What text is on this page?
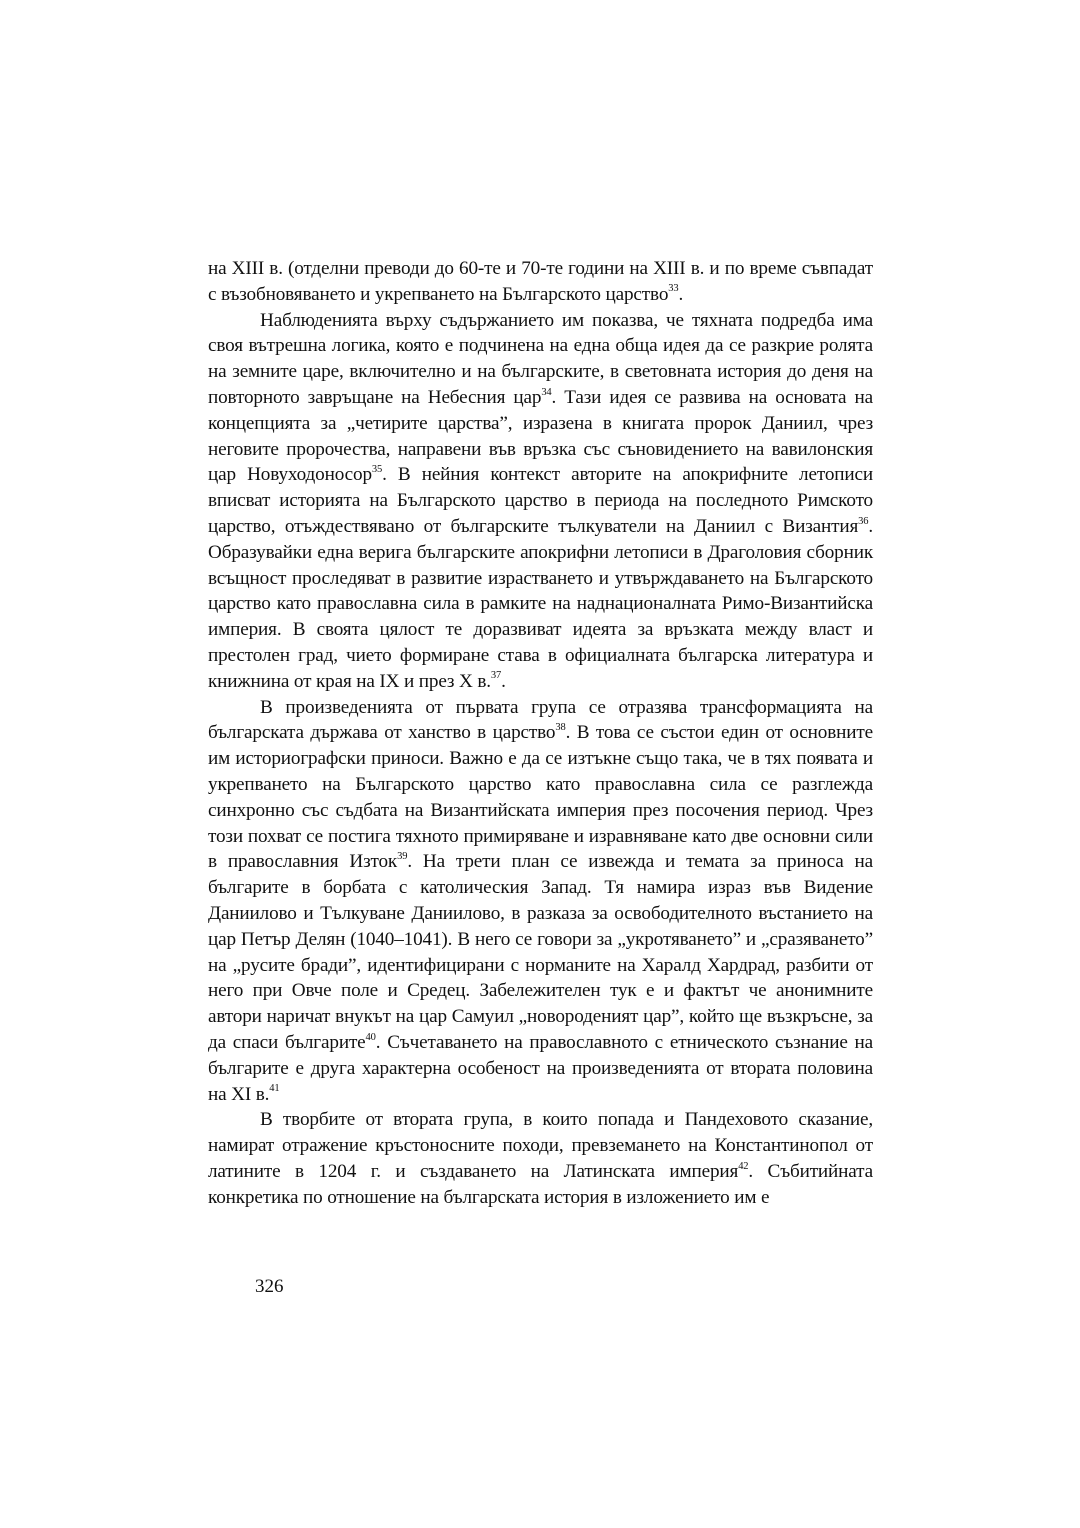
на XIII в. (отделни преводи до 60-те и 70-те години на XIII в. и по време съвпадат с възобновяването и укрепването на Българското царство$^{33}$.

Наблюденията върху съдържанието им показва, че тяхната подредба има своя вътрешна логика, която е подчинена на една обща идея да се разкрие ролята на земните царе, включително и на българските, в световната история до деня на повторното завръщане на Небесния цар$^{34}$. Тази идея се развива на основата на концепцията за „четирите царства”, изразена в книгата пророк Даниил, чрез неговите пророчества, направени във връзка със съновидението на вавилонския цар Новуходоносор$^{35}$. В нейния контекст авторите на апокрифните летописи вписват историята на Българското царство в периода на последното Римското царство, отъждествявано от българските тълкуватели на Даниил с Византия$^{36}$. Образувайки една верига българските апокрифни летописи в Драголовия сборник всъщност проследяват в развитие израстването и утвърждаването на Българското царство като православна сила в рамките на наднационалната Римо-Византийска империя. В своята цялост те доразвиват идеята за връзката между власт и престолен град, чието формиране става в официалната българска литература и книжнина от края на IX и през X в.$^{37}$.

В произведенията от първата група се отразява трансформацията на българската държава от ханство в царство$^{38}$. В това се състои един от основните им историографски приноси. Важно е да се изтъкне също така, че в тях появата и укрепването на Българското царство като православна сила се разглежда синхронно със съдбата на Византийската империя през посочения период. Чрез този похват се постига тяхното примиряване и изравняване като две основни сили в православния Изток$^{39}$. На трети план се извежда и темата за приноса на българите в борбата с католическия Запад. Тя намира израз във Видение Даниилово и Тълкуване Даниилово, в разказа за освободителното въстанието на цар Петър Делян (1040–1041). В него се говори за „укротяването” и „сразяването” на „русите бради”, идентифицирани с норманите на Харалд Хардрад, разбити от него при Овче поле и Средец. Забележителен тук е и фактът че анонимните автори наричат внукът на цар Самуил „новороденият цар”, който ще възкръсне, за да спаси българите$^{40}$. Съчетаването на православното с етническото съзнание на българите е друга характерна особеност на произведенията от втората половина на XI в.$^{41}$

В творбите от втората група, в които попада и Пандеховото сказание, намират отражение кръстоносните походи, превземането на Константинопол от латините в 1204 г. и създаването на Латинската империя$^{42}$. Събитийната конкретика по отношение на българската история в изложението им е

326
